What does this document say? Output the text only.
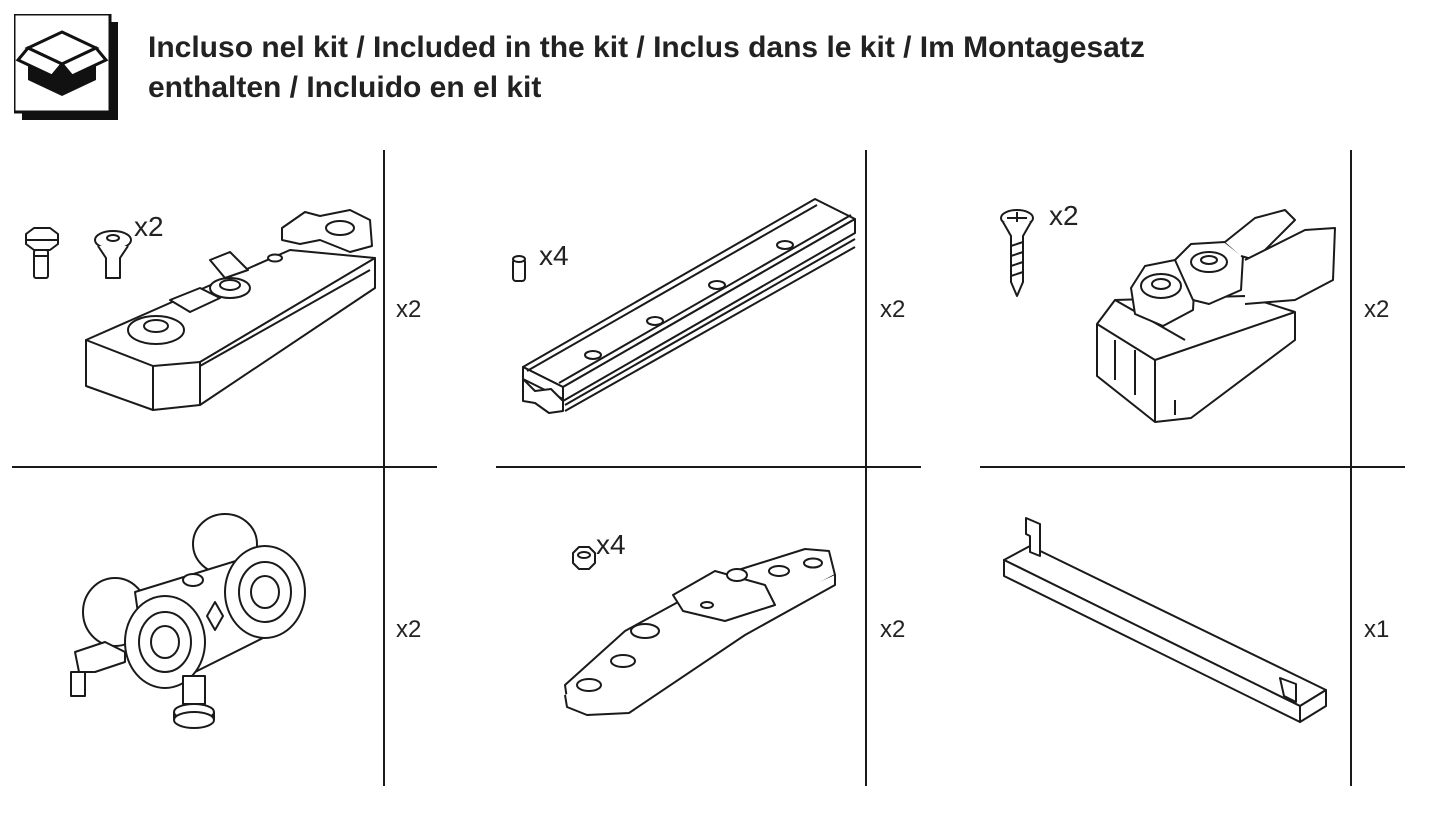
Incluso nel kit / Included in the kit / Inclus dans le kit / Im Montagesatz
enthalten / Incluido en el kit
x2
x2
x4
x2
x2
x2
x2
x4
x2	x1
